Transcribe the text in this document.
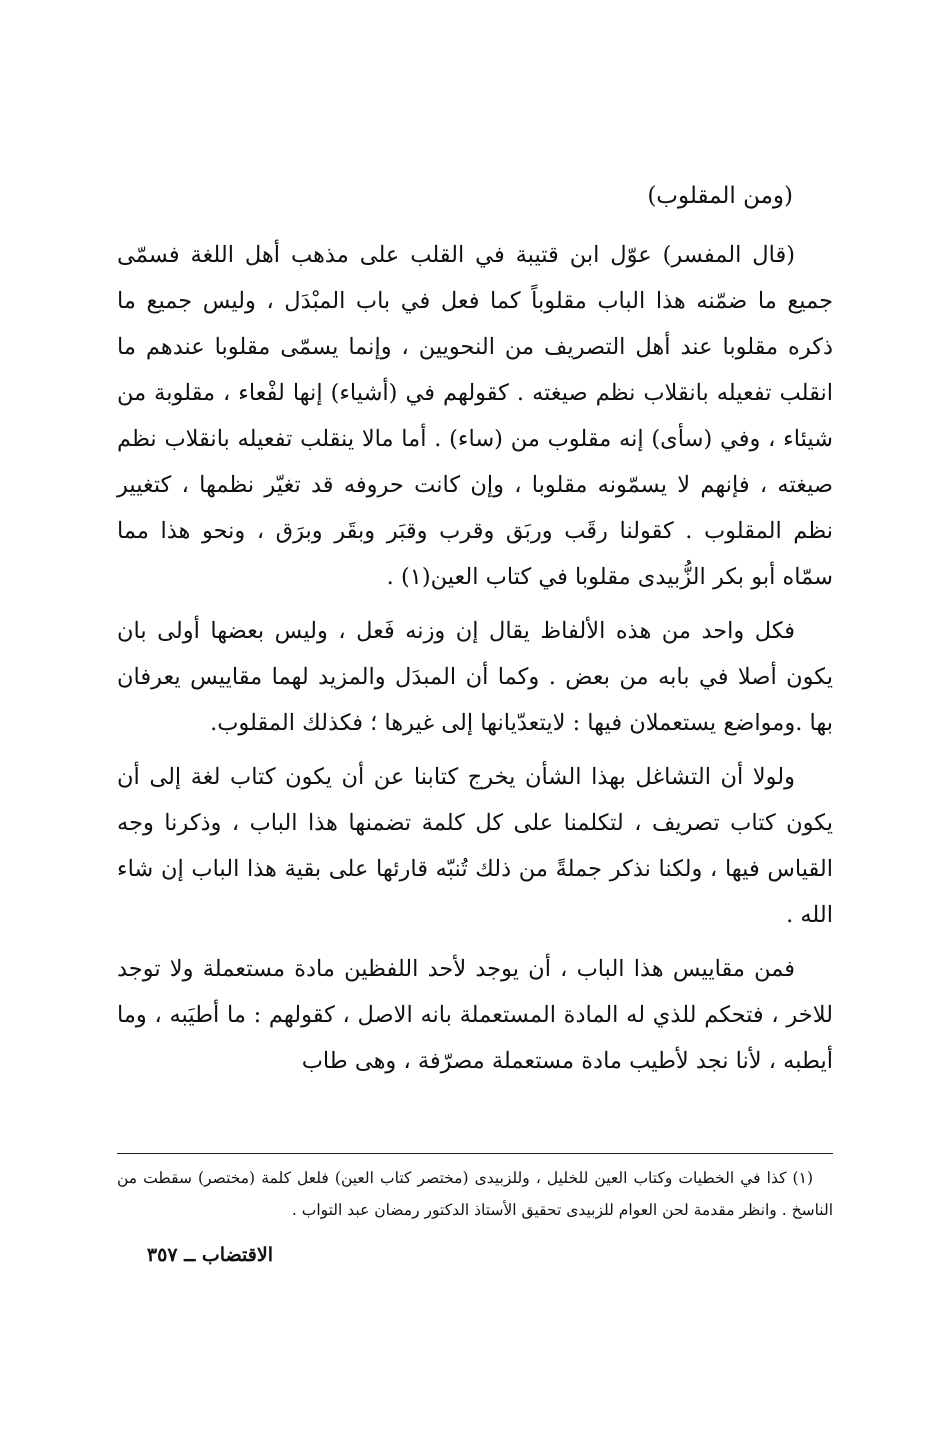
(ومن المقلوب)

(قال المفسر) عوّل ابن قتيبة في القلب على مذهب أهل اللغة فسمّى جميع ما ضمّنه هذا الباب مقلوباً كما فعل في باب المبْدَل ، وليس جميع ما ذكره مقلوبا عند أهل التصريف من النحويين ، وإنما يسمّى مقلوبا عندهم ما انقلب تفعيله بانقلاب نظم صيغته . كقولهم في (أشياء) إنها لفْعاء ، مقلوبة من شيئاء ، وفي (سأى) إنه مقلوب من (ساء) . أما مالا ينقلب تفعيله بانقلاب نظم صيغته ، فإنهم لا يسمّونه مقلوبا ، وإن كانت حروفه قد تغيّر نظمها ، كتغيير نظم المقلوب . كقولنا رقَب وربَق وقرب وقبَر وبقَر وبرَق ، ونحو هذا مما سمّاه أبو بكر الزُّبيدى مقلوبا في كتاب العين(١) .

فكل واحد من هذه الألفاظ يقال إن وزنه فَعل ، وليس بعضها أولى بان يكون أصلا في بابه من بعض . وكما أن المبدَل والمزيد لهما مقاييس يعرفان بها .ومواضع يستعملان فيها : لايتعدّيانها إلى غيرها ؛ فكذلك المقلوب.

ولولا أن التشاغل بهذا الشأن يخرج كتابنا عن أن يكون كتاب لغة إلى أن يكون كتاب تصريف ، لتكلمنا على كل كلمة تضمنها هذا الباب ، وذكرنا وجه القياس فيها ، ولكنا نذكر جملةً من ذلك تُنبّه قارئها على بقية هذا الباب إن شاء الله .

فمن مقاييس هذا الباب ، أن يوجد لأحد اللفظين مادة مستعملة ولا توجد للاخر ، فتحكم للذي له المادة المستعملة بانه الاصل ، كقولهم : ما أطيَبه ، وما أيطبه ، لأنا نجد لأطيب مادة مستعملة مصرّفة ، وهى طاب

(١) كذا في الخطيات وكتاب العين للخليل ، وللزبيدى (مختصر كتاب العين) فلعل كلمة (مختصر) سقطت من الناسخ . وانظر مقدمة لحن العوام للزبيدى تحقيق الأستاذ الدكتور رمضان عبد التواب .

الاقتضاب ــ ٣٥٧
